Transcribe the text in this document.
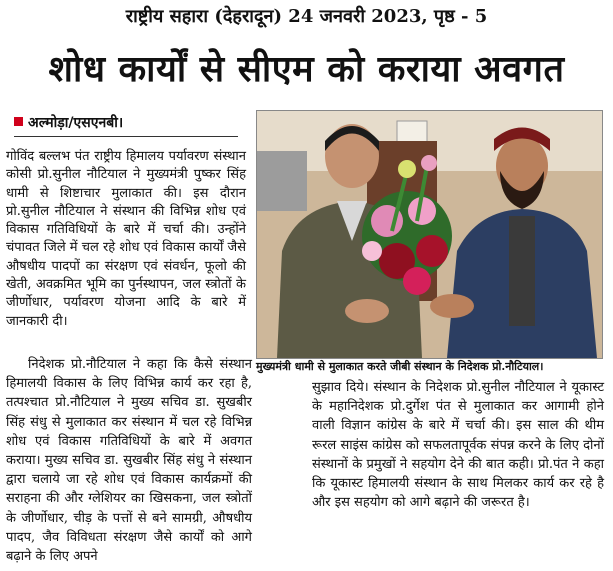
राष्ट्रीय सहारा (देहरादून) 24 जनवरी 2023, पृष्ठ - 5
शोध कार्यों से सीएम को कराया अवगत
अल्मोड़ा/एसएनबी।

गोविंद बल्लभ पंत राष्ट्रीय हिमालय पर्यावरण संस्थान कोसी प्रो.सुनील नौटियाल ने मुख्यमंत्री पुष्कर सिंह धामी से शिष्टाचार मुलाकात की। इस दौरान प्रो.सुनील नौटियाल ने संस्थान की विभिन्न शोध एवं विकास गतिविधियों के बारे में चर्चा की। उन्होंने चंपावत जिले में चल रहे शोध एवं विकास कार्यों जैसे औषधीय पादपों का संरक्षण एवं संवर्धन, फूलो की खेती, अवक्रमित भूमि का पुर्नस्थापन, जल स्त्रोतों के जीर्णोधार, पर्यावरण योजना आदि के बारे में जानकारी दी।

मुख्यमंत्री धामी से मुलाकात करते जीबी संस्थान के निदेशक प्रो.नौटियाल।

निदेशक प्रो.नौटियाल ने कहा कि कैसे संस्थान हिमालयी विकास के लिए विभिन्न कार्य कर रहा है, तत्पश्चात प्रो.नौटियाल ने मुख्य सचिव डा. सुखबीर सिंह संधु से मुलाकात कर संस्थान में चल रहे विभिन्न शोध एवं विकास गतिविधियों के बारे में अवगत कराया। मुख्य सचिव डा. सुखबीर सिंह संधु ने संस्थान द्वारा चलाये जा रहे शोध एवं विकास कार्यक्रमों की सराहना की और ग्लेशियर का खिसकना, जल स्त्रोतों के जीर्णोधार, चीड़ के पत्तों से बने सामग्री, औषधीय पादप, जैव विविधता संरक्षण जैसे कार्यों को आगे बढ़ाने के लिए अपने

सुझाव दिये। संस्थान के निदेशक प्रो.सुनील नौटियाल ने यूकास्ट के महानिदेशक प्रो.दुर्गेश पंत से मुलाकात कर आगामी होने वाली विज्ञान कांग्रेस के बारे में चर्चा की। इस साल की थीम रूरल साइंस कांग्रेस को सफलतापूर्वक संपन्न करने के लिए दोनों संस्थानों के प्रमुखों ने सहयोग देने की बात कही। प्रो.पंत ने कहा कि यूकास्ट हिमालयी संस्थान के साथ मिलकर कार्य कर रहे है और इस सहयोग को आगे बढ़ाने की जरूरत है।
